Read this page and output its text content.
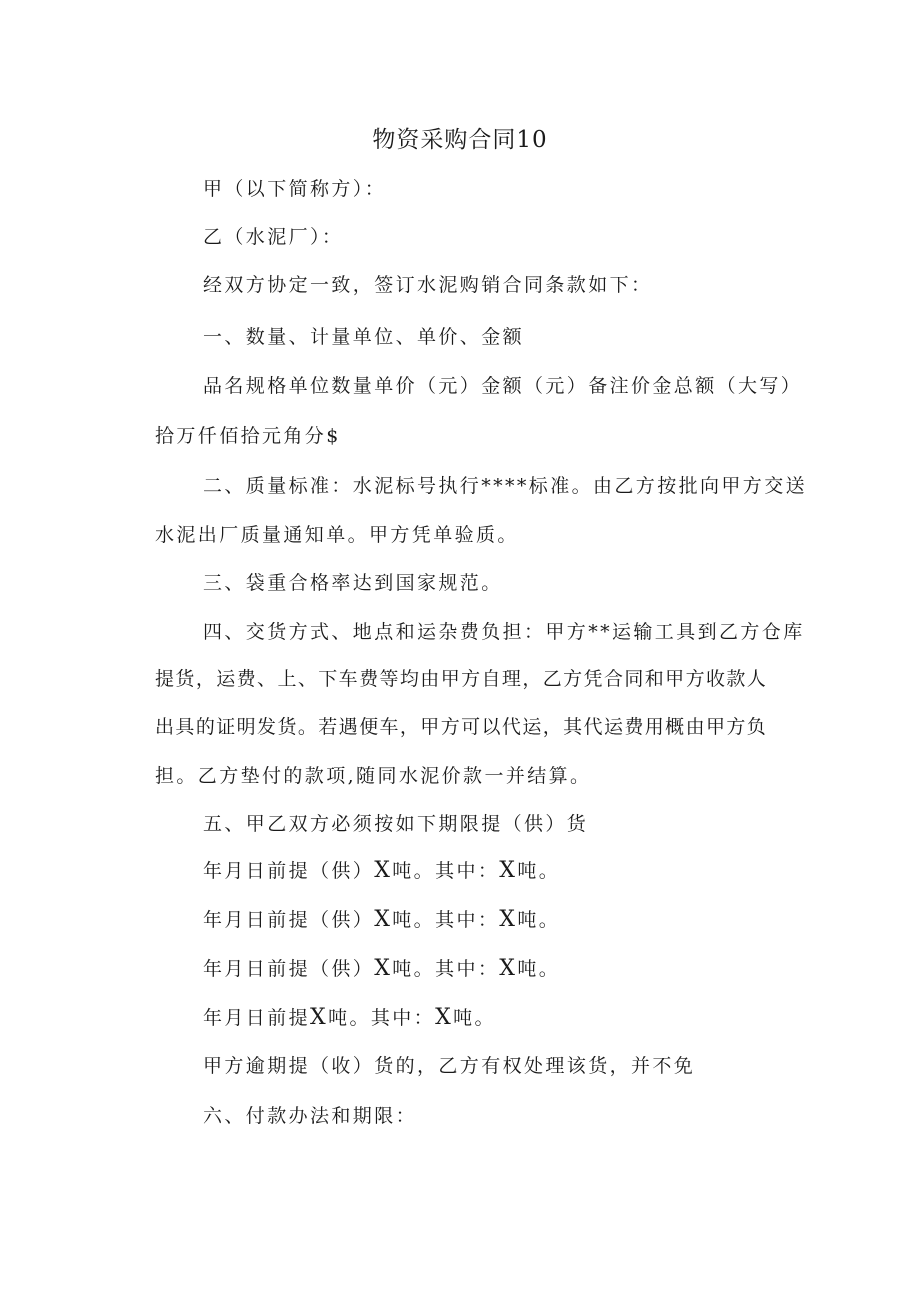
物资采购合同10
甲（以下简称方）：
乙（水泥厂）：
经双方协定一致，签订水泥购销合同条款如下：
一、数量、计量单位、单价、金额
品名规格单位数量单价（元）金额（元）备注价金总额（大写）
拾万仟佰拾元角分$
二、质量标准：水泥标号执行****标准。由乙方按批向甲方交送
水泥出厂质量通知单。甲方凭单验质。
三、袋重合格率达到国家规范。
四、交货方式、地点和运杂费负担：甲方**运输工具到乙方仓库
提货，运费、上、下车费等均由甲方自理，乙方凭合同和甲方收款人
出具的证明发货。若遇便车，甲方可以代运，其代运费用概由甲方负
担。乙方垫付的款项,随同水泥价款一并结算。
五、甲乙双方必须按如下期限提（供）货
年月日前提（供）X吨。其中：X吨。
年月日前提（供）X吨。其中：X吨。
年月日前提（供）X吨。其中：X吨。
年月日前提X吨。其中：X吨。
甲方逾期提（收）货的，乙方有权处理该货，并不免
六、付款办法和期限：
